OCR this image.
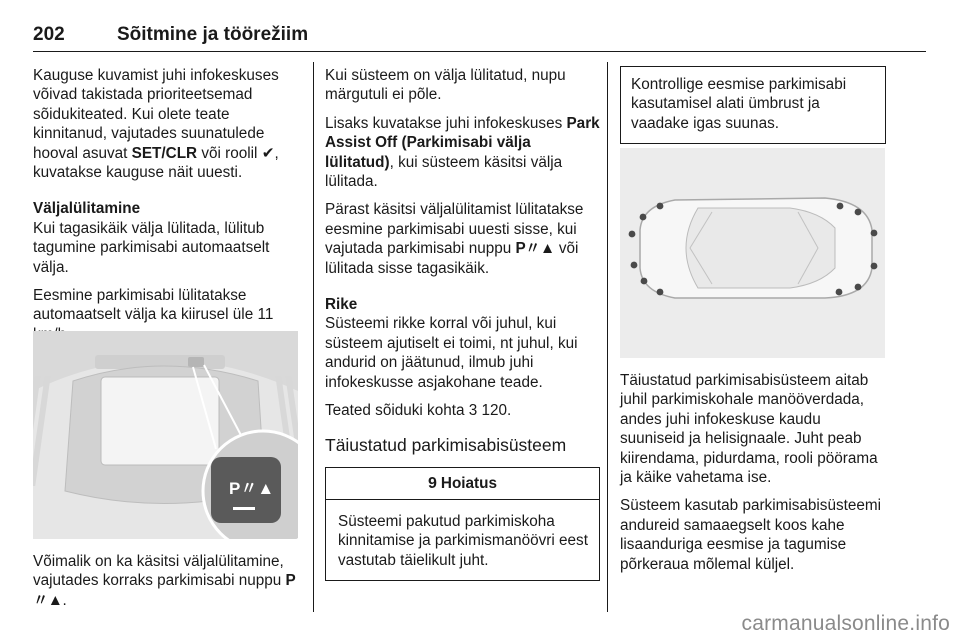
202	Sõitmine ja töörežiim
Kauguse kuvamist juhi infokeskuses võivad takistada prioriteetsemad sõidukiteated. Kui olete teate kinnitanud, vajutades suunatulede hooval asuvat SET/CLR või roolil ✔, kuvatakse kauguse näit uuesti.
Väljalülitamine
Kui tagasikäik välja lülitada, lülitub tagumine parkimisabi automaatselt välja.
Eesmine parkimisabi lülitatakse automaatselt välja ka kiirusel üle 11
P〃▲
Võimalik on ka käsitsi väljalülitamine, vajutades korraks parkimisabi nuppu P〃▲.
Kui süsteem on välja lülitatud, nupu märgutuli ei põle.
Lisaks kuvatakse juhi infokeskuses Park Assist Off (Parkimisabi välja lülitatud), kui süsteem käsitsi välja lülitada.
Pärast käsitsi väljalülitamist lülitatakse eesmine parkimisabi uuesti sisse, kui vajutada parkimisabi nuppu P〃▲ või lülitada sisse tagasikäik.
Rike
Süsteemi rikke korral või juhul, kui süsteem ajutiselt ei toimi, nt juhul, kui andurid on jäätunud, ilmub juhi infokeskusse asjakohane teade.
Teated sõiduki kohta 3 120.
Täiustatud parkimisabisüsteem
9 Hoiatus
Süsteemi pakutud parkimiskoha kinnitamise ja parkimismanöövri eest vastutab täielikult juht.
Kontrollige eesmise parkimisabi kasutamisel alati ümbrust ja vaadake igas suunas.
Täiustatud parkimisabisüsteem aitab juhil parkimiskohale manööverdada, andes juhi infokeskuse kaudu suuniseid ja helisignaale. Juht peab kiirendama, pidurdama, rooli pöörama ja käike vahetama ise.
Süsteem kasutab parkimisabisüsteemi andureid samaaegselt koos kahe lisaanduriga eesmise ja tagumise põrkeraua mõlemal küljel.
carmanualsonline.info
